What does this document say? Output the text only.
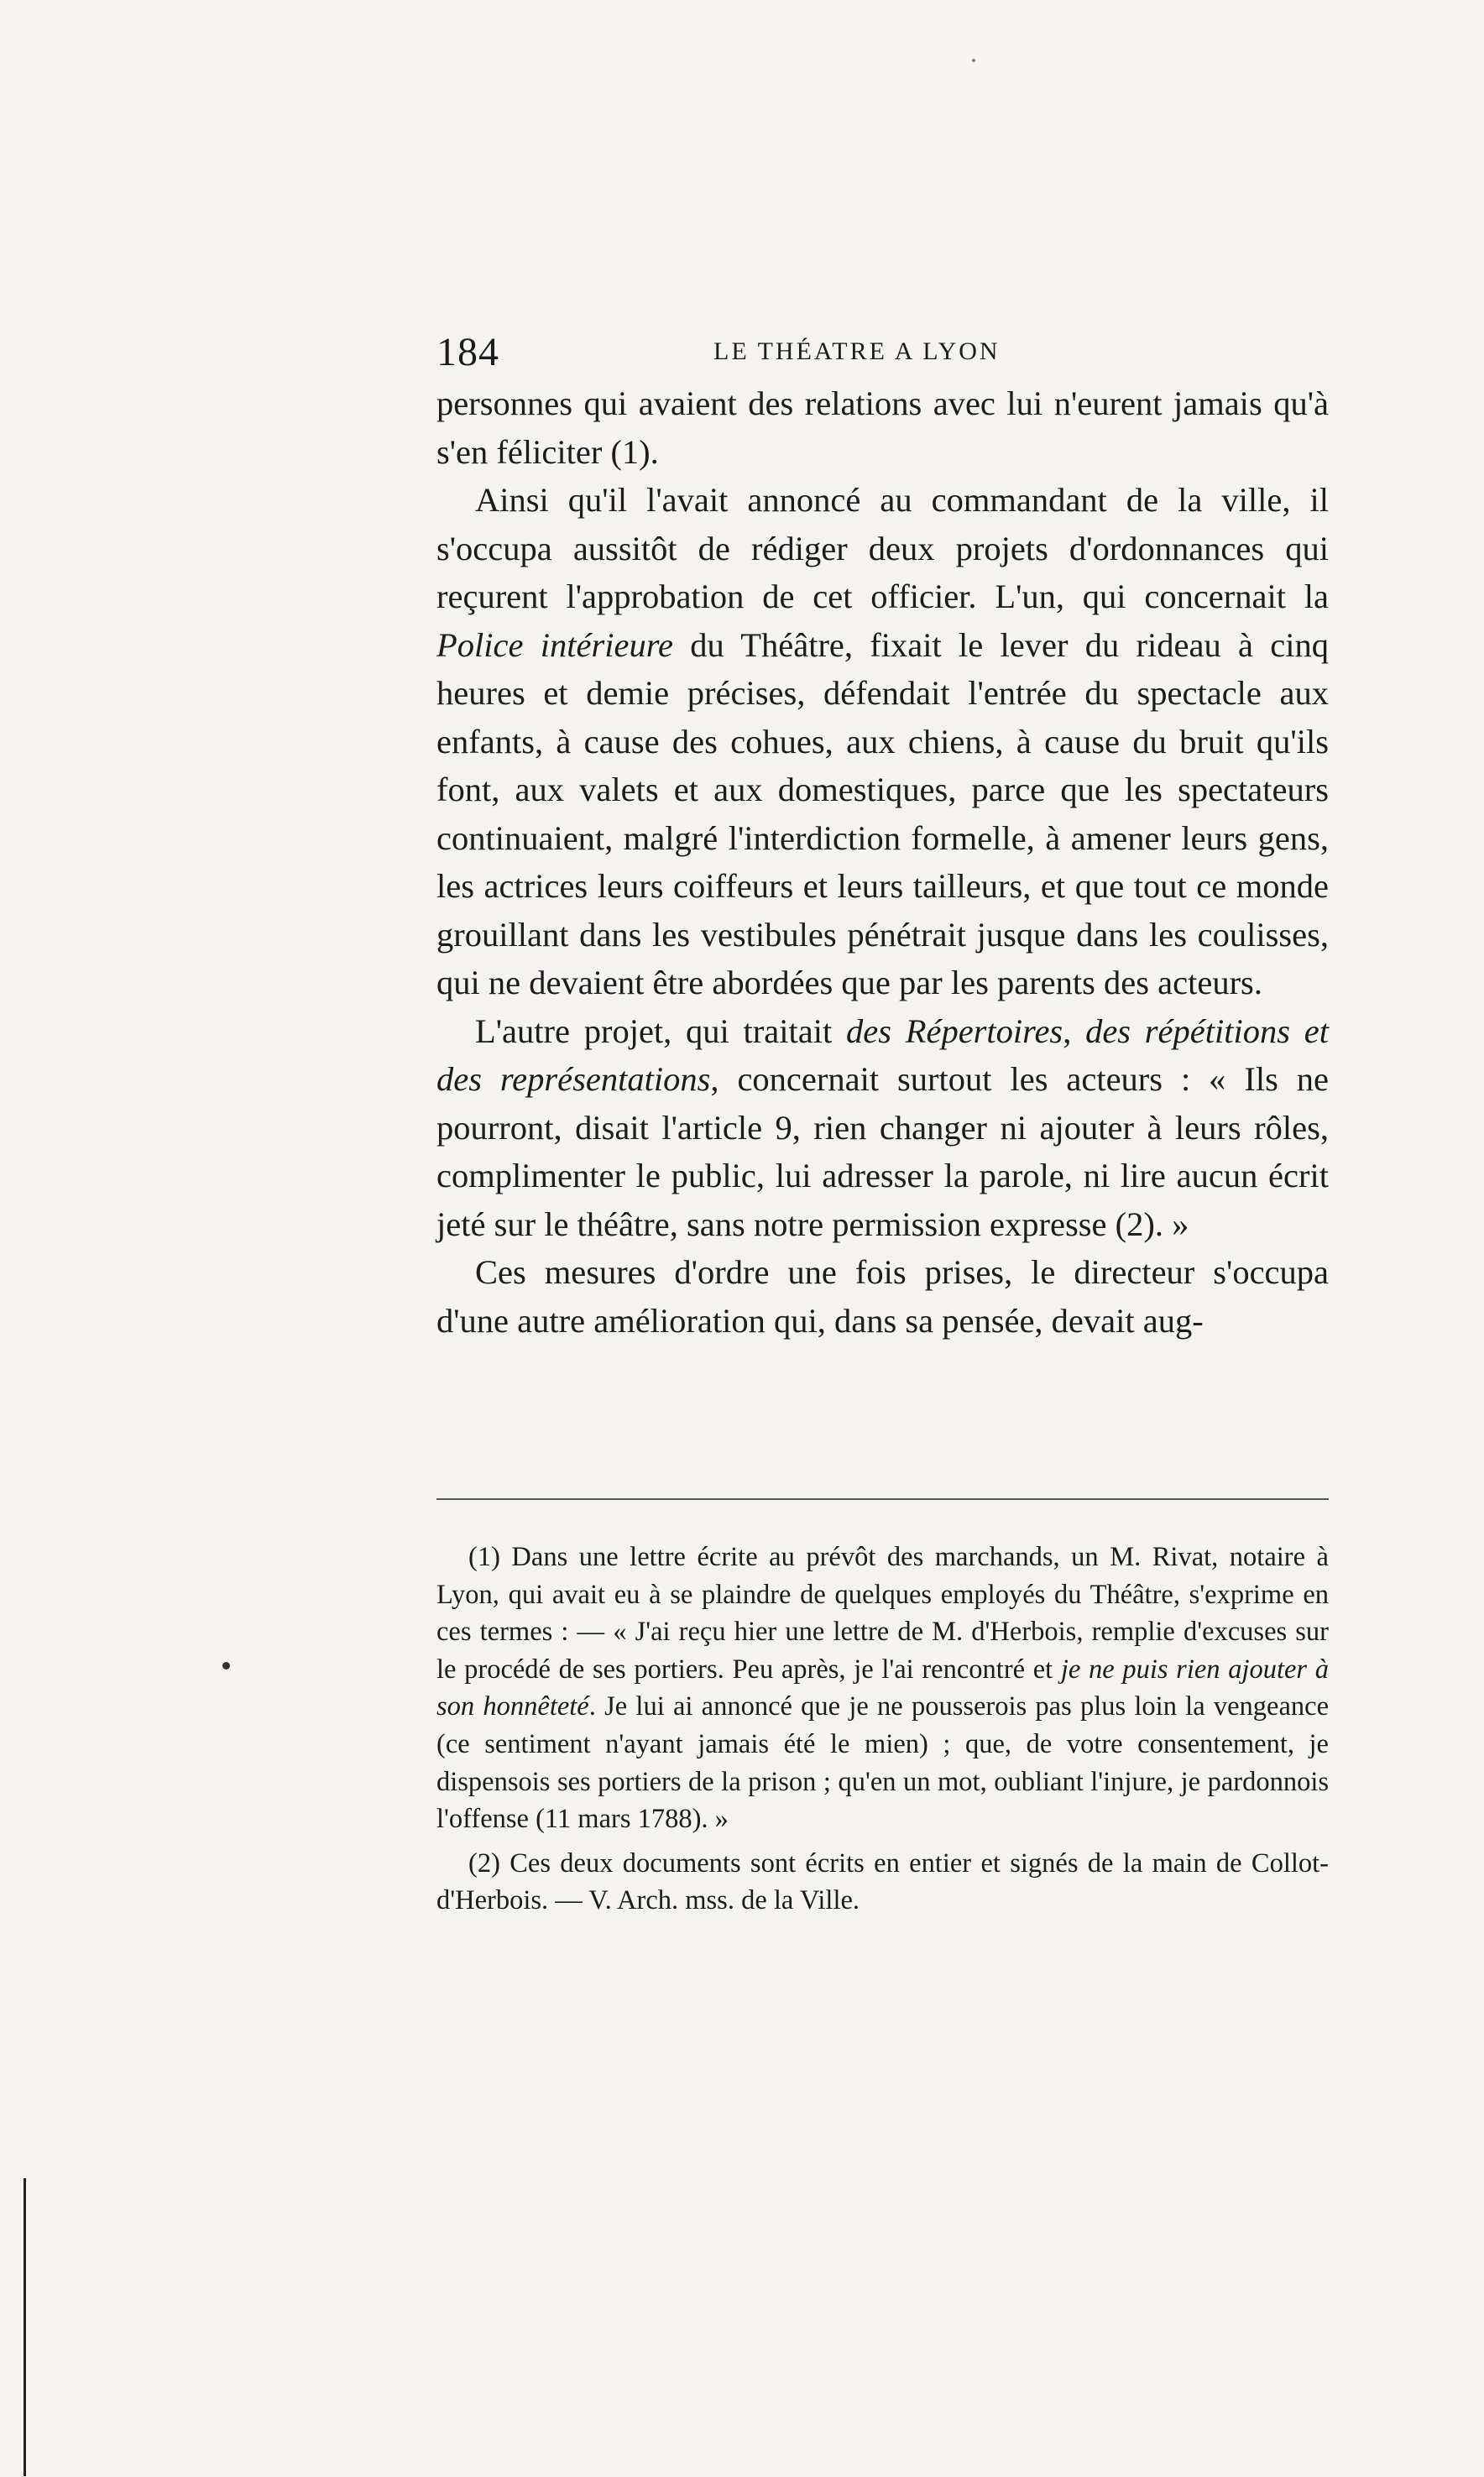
184	LE THÉATRE A LYON

personnes qui avaient des relations avec lui n'eurent jamais qu'à s'en féliciter (1).

Ainsi qu'il l'avait annoncé au commandant de la ville, il s'occupa aussitôt de rédiger deux projets d'ordonnances qui reçurent l'approbation de cet officier. L'un, qui concernait la Police intérieure du Théâtre, fixait le lever du rideau à cinq heures et demie précises, défendait l'entrée du spectacle aux enfants, à cause des cohues, aux chiens, à cause du bruit qu'ils font, aux valets et aux domestiques, parce que les spectateurs continuaient, malgré l'interdiction formelle, à amener leurs gens, les actrices leurs coiffeurs et leurs tailleurs, et que tout ce monde grouillant dans les vestibules pénétrait jusque dans les coulisses, qui ne devaient être abordées que par les parents des acteurs.

L'autre projet, qui traitait des Répertoires, des répétitions et des représentations, concernait surtout les acteurs : « Ils ne pourront, disait l'article 9, rien changer ni ajouter à leurs rôles, complimenter le public, lui adresser la parole, ni lire aucun écrit jeté sur le théâtre, sans notre permission expresse (2). »

Ces mesures d'ordre une fois prises, le directeur s'occupa d'une autre amélioration qui, dans sa pensée, devait aug-

(1) Dans une lettre écrite au prévôt des marchands, un M. Rivat, notaire à Lyon, qui avait eu à se plaindre de quelques employés du Théâtre, s'exprime en ces termes : — « J'ai reçu hier une lettre de M. d'Herbois, remplie d'excuses sur le procédé de ses portiers. Peu après, je l'ai rencontré et je ne puis rien ajouter à son honnêteté. Je lui ai annoncé que je ne pousserois pas plus loin la vengeance (ce sentiment n'ayant jamais été le mien) ; que, de votre consentement, je dispensois ses portiers de la prison ; qu'en un mot, oubliant l'injure, je pardonnois l'offense (11 mars 1788). »

(2) Ces deux documents sont écrits en entier et signés de la main de Collot-d'Herbois. — V. Arch. mss. de la Ville.
